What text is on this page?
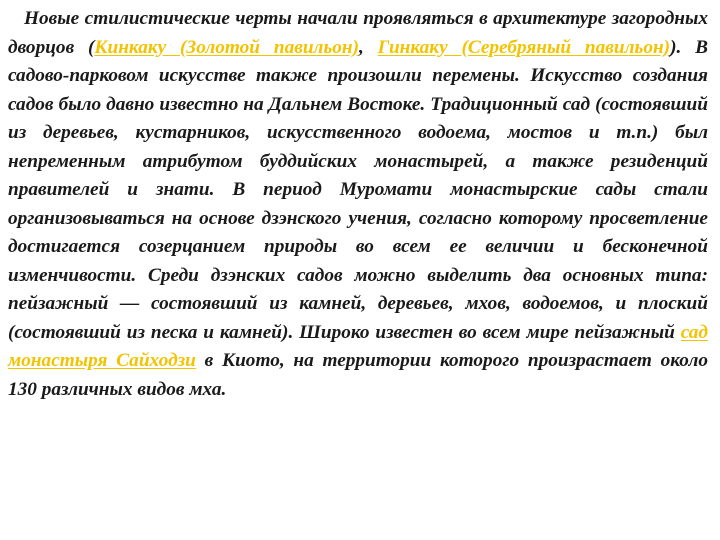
Новые стилистические черты начали проявляться в архитектуре загородных дворцов (Кинкаку (Золотой павильон), Гинкаку (Серебряный павильон)). В садово-парковом искусстве также произошли перемены. Искусство создания садов было давно известно на Дальнем Востоке. Традиционный сад (состоявший из деревьев, кустарников, искусственного водоема, мостов и т.п.) был непременным атрибутом буддийских монастырей, а также резиденций правителей и знати. В период Муромати монастырские сады стали организовываться на основе дзэнского учения, согласно которому просветление достигается созерцанием природы во всем ее величии и бесконечной изменчивости. Среди дзэнских садов можно выделить два основных типа: пейзажный — состоявший из камней, деревьев, мхов, водоемов, и плоский (состоявший из песка и камней). Широко известен во всем мире пейзажный сад монастыря Сайходзи в Киото, на территории которого произрастает около 130 различных видов мха.
